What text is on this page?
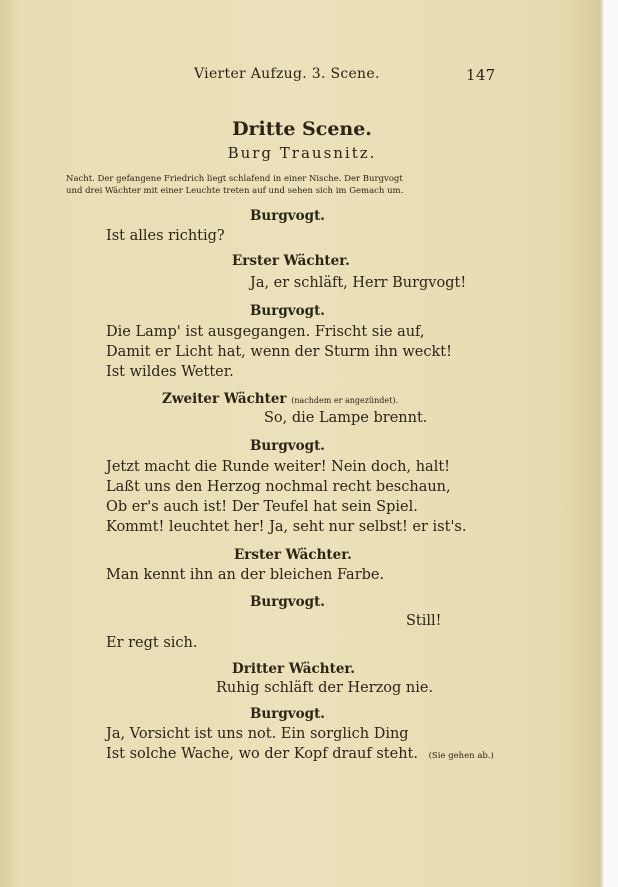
Vierter Aufzug. 3. Scene.	147
Dritte Scene.
Burg Trausnitz.
Nacht. Der gefangene Friedrich liegt schlafend in einer Nische. Der Burgvogt
und drei Wächter mit einer Leuchte treten auf und sehen sich im Gemach um.
Burgvogt.
Ist alles richtig?
Erster Wächter.
Ja, er schläft, Herr Burgvogt!
Burgvogt.
Die Lamp' ist ausgegangen. Frischt sie auf,
Damit er Licht hat, wenn der Sturm ihn weckt!
Ist wildes Wetter.
Zweiter Wächter (nachdem er angezündet).
So, die Lampe brennt.
Burgvogt.
Jetzt macht die Runde weiter! Nein doch, halt!
Laßt uns den Herzog nochmal recht beschaun,
Ob er's auch ist! Der Teufel hat sein Spiel.
Kommt! leuchtet her! Ja, seht nur selbst! er ist's.
Erster Wächter.
Man kennt ihn an der bleichen Farbe.
Burgvogt.
Still!
Er regt sich.
Dritter Wächter.
Ruhig schläft der Herzog nie.
Burgvogt.
Ja, Vorsicht ist uns not. Ein sorglich Ding
Ist solche Wache, wo der Kopf drauf steht. (Sie gehen ab.)
